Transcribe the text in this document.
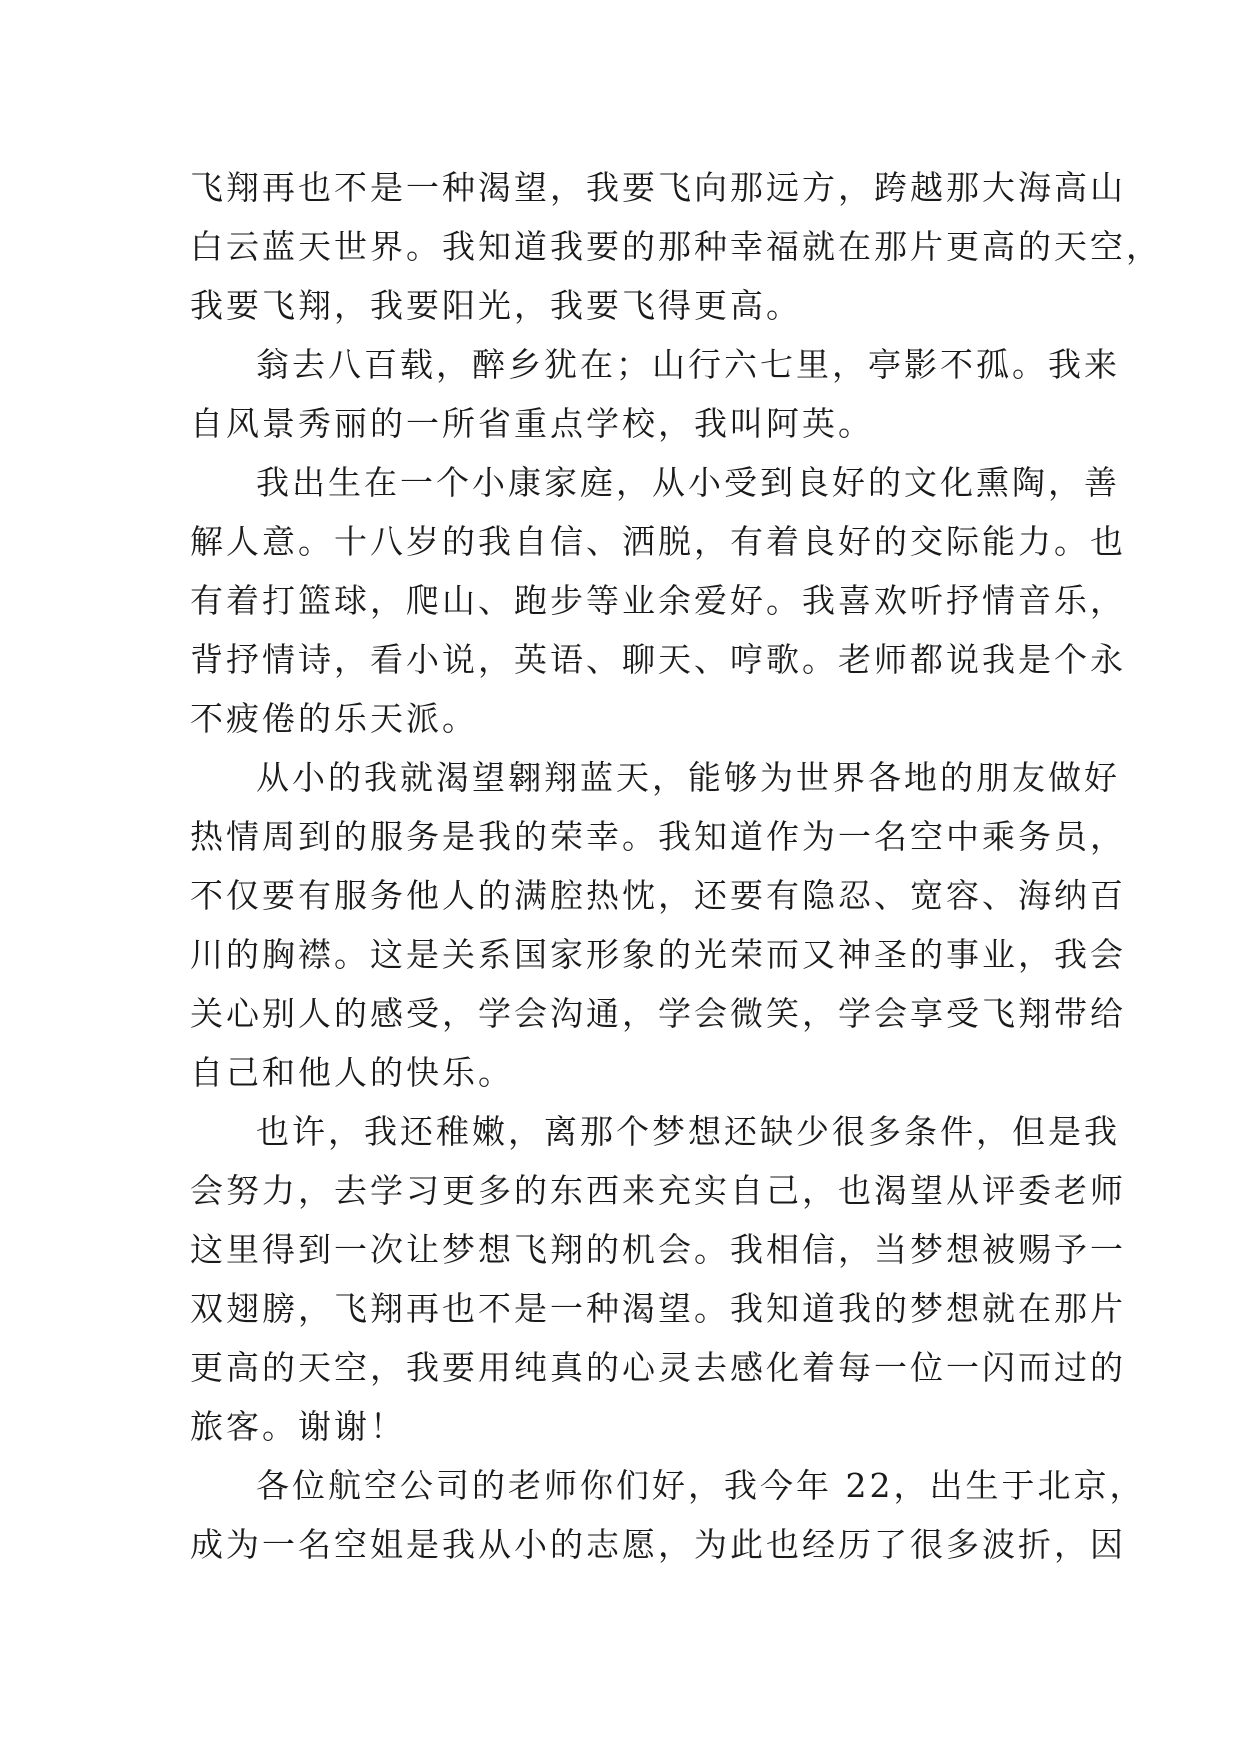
飞翔再也不是一种渴望，我要飞向那远方，跨越那大海高山
白云蓝天世界。我知道我要的那种幸福就在那片更高的天空，
我要飞翔，我要阳光，我要飞得更高。
翁去八百载，醉乡犹在；山行六七里，亭影不孤。我来
自风景秀丽的一所省重点学校，我叫阿英。
我出生在一个小康家庭，从小受到良好的文化熏陶，善
解人意。十八岁的我自信、洒脱，有着良好的交际能力。也
有着打篮球，爬山、跑步等业余爱好。我喜欢听抒情音乐，
背抒情诗，看小说，英语、聊天、哼歌。老师都说我是个永
不疲倦的乐天派。
从小的我就渴望翱翔蓝天，能够为世界各地的朋友做好
热情周到的服务是我的荣幸。我知道作为一名空中乘务员，
不仅要有服务他人的满腔热忱，还要有隐忍、宽容、海纳百
川的胸襟。这是关系国家形象的光荣而又神圣的事业，我会
关心别人的感受，学会沟通，学会微笑，学会享受飞翔带给
自己和他人的快乐。
也许，我还稚嫩，离那个梦想还缺少很多条件，但是我
会努力，去学习更多的东西来充实自己，也渴望从评委老师
这里得到一次让梦想飞翔的机会。我相信，当梦想被赐予一
双翅膀，飞翔再也不是一种渴望。我知道我的梦想就在那片
更高的天空，我要用纯真的心灵去感化着每一位一闪而过的
旅客。谢谢！
各位航空公司的老师你们好，我今年 22，出生于北京，
成为一名空姐是我从小的志愿，为此也经历了很多波折，因
